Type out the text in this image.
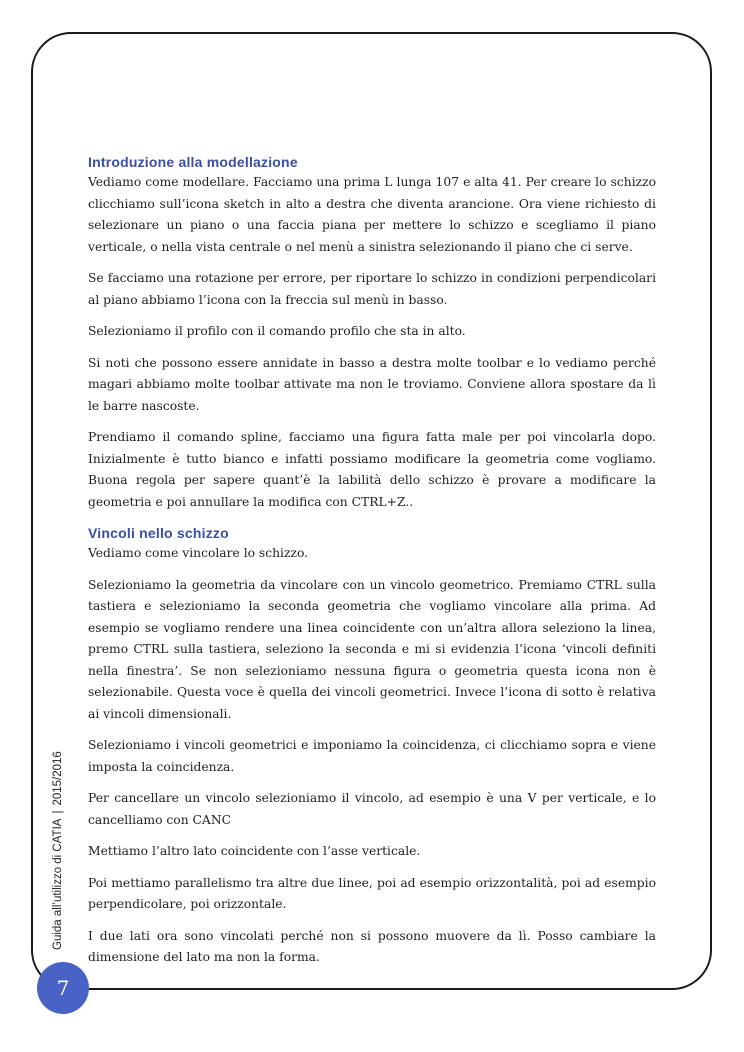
Introduzione alla modellazione

Vediamo come modellare. Facciamo una prima L lunga 107 e alta 41. Per creare lo schizzo clicchiamo sull’icona sketch in alto a destra che diventa arancione. Ora viene richiesto di selezionare un piano o una faccia piana per mettere lo schizzo e scegliamo il piano verticale, o nella vista centrale o nel menù a sinistra selezionando il piano che ci serve.

Se facciamo una rotazione per errore, per riportare lo schizzo in condizioni perpendicolari al piano abbiamo l’icona con la freccia sul menù in basso.

Selezioniamo il profilo con il comando profilo che sta in alto.

Si noti che possono essere annidate in basso a destra molte toolbar e lo vediamo perché magari abbiamo molte toolbar attivate ma non le troviamo. Conviene allora spostare da lì le barre nascoste.

Prendiamo il comando spline, facciamo una figura fatta male per poi vincolarla dopo. Inizialmente è tutto bianco e infatti possiamo modificare la geometria come vogliamo. Buona regola per sapere quant’è la labilità dello schizzo è provare a modificare la geometria e poi annullare la modifica con CTRL+Z..

Vincoli nello schizzo

Vediamo come vincolare lo schizzo.

Selezioniamo la geometria da vincolare con un vincolo geometrico. Premiamo CTRL sulla tastiera e selezioniamo la seconda geometria che vogliamo vincolare alla prima. Ad esempio se vogliamo rendere una linea coincidente con un’altra allora seleziono la linea, premo CTRL sulla tastiera, seleziono la seconda e mi si evidenzia l’icona ‘vincoli definiti nella finestra’. Se non selezioniamo nessuna figura o geometria questa icona non è selezionabile. Questa voce è quella dei vincoli geometrici. Invece l’icona di sotto è relativa ai vincoli dimensionali.

Selezioniamo i vincoli geometrici e imponiamo la coincidenza, ci clicchiamo sopra e viene imposta la coincidenza.

Per cancellare un vincolo selezioniamo il vincolo, ad esempio è una V per verticale, e lo cancelliamo con CANC

Mettiamo l’altro lato coincidente con l’asse verticale.

Poi mettiamo parallelismo tra altre due linee, poi ad esempio orizzontalità, poi ad esempio perpendicolare, poi orizzontale.

I due lati ora sono vincolati perché non si possono muovere da lì. Posso cambiare la dimensione del lato ma non la forma.

Guida all’utilizzo di CATIA|2015/2016
7
